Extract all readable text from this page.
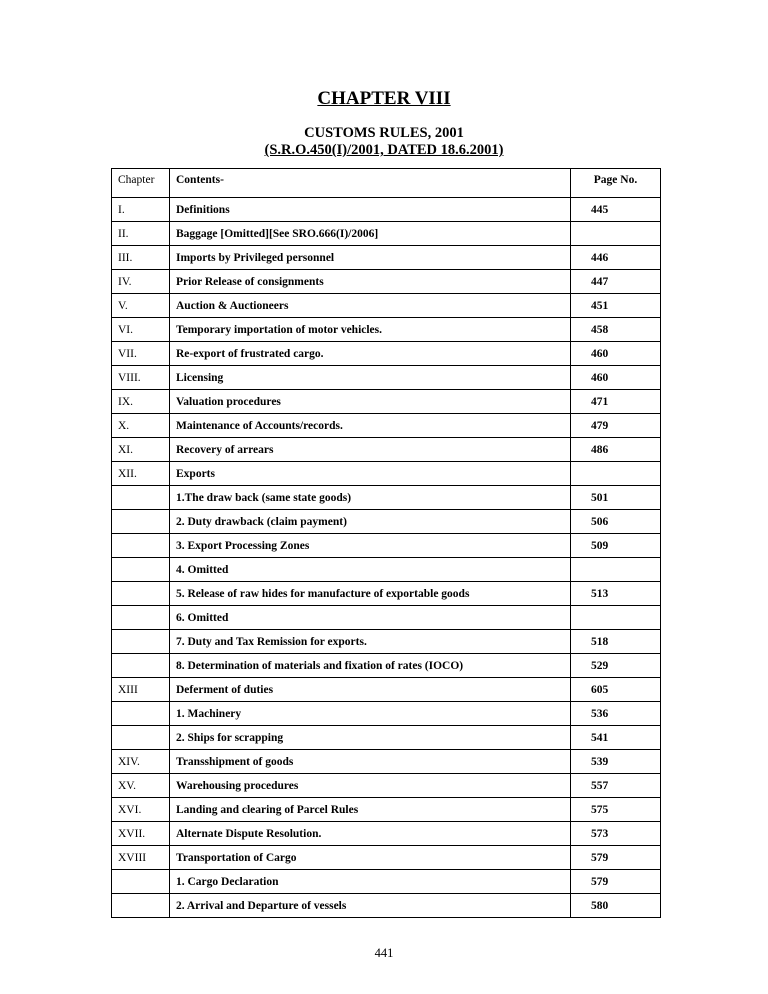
CHAPTER VIII
CUSTOMS RULES, 2001
(S.R.O.450(I)/2001, DATED 18.6.2001)
Chapter	Contents-	Page No.
I.	Definitions	445
II.	Baggage [Omitted][See SRO.666(I)/2006]	
III.	Imports by Privileged personnel	446
IV.	Prior Release of consignments	447
V.	Auction & Auctioneers	451
VI.	Temporary importation of motor vehicles.	458
VII.	Re-export of frustrated cargo.	460
VIII.	Licensing	460
IX.	Valuation procedures	471
X.	Maintenance of Accounts/records.	479
XI.	Recovery of arrears	486
XII.	Exports	
	1.The draw back (same state goods)	501
	2. Duty drawback (claim payment)	506
	3. Export Processing Zones	509
	4. Omitted	
	5. Release of raw hides for manufacture of exportable goods	513
	6. Omitted	
	7. Duty and Tax Remission for exports.	518
	8. Determination of materials and fixation of rates (IOCO)	529
XIII	Deferment of duties	605
	1. Machinery	536
	2. Ships for scrapping	541
XIV.	Transshipment of goods	539
XV.	Warehousing procedures	557
XVI.	Landing and clearing of Parcel Rules	575
XVII.	Alternate Dispute Resolution.	573
XVIII	Transportation of Cargo	579
	1. Cargo Declaration	579
	2. Arrival and Departure of vessels	580
441
